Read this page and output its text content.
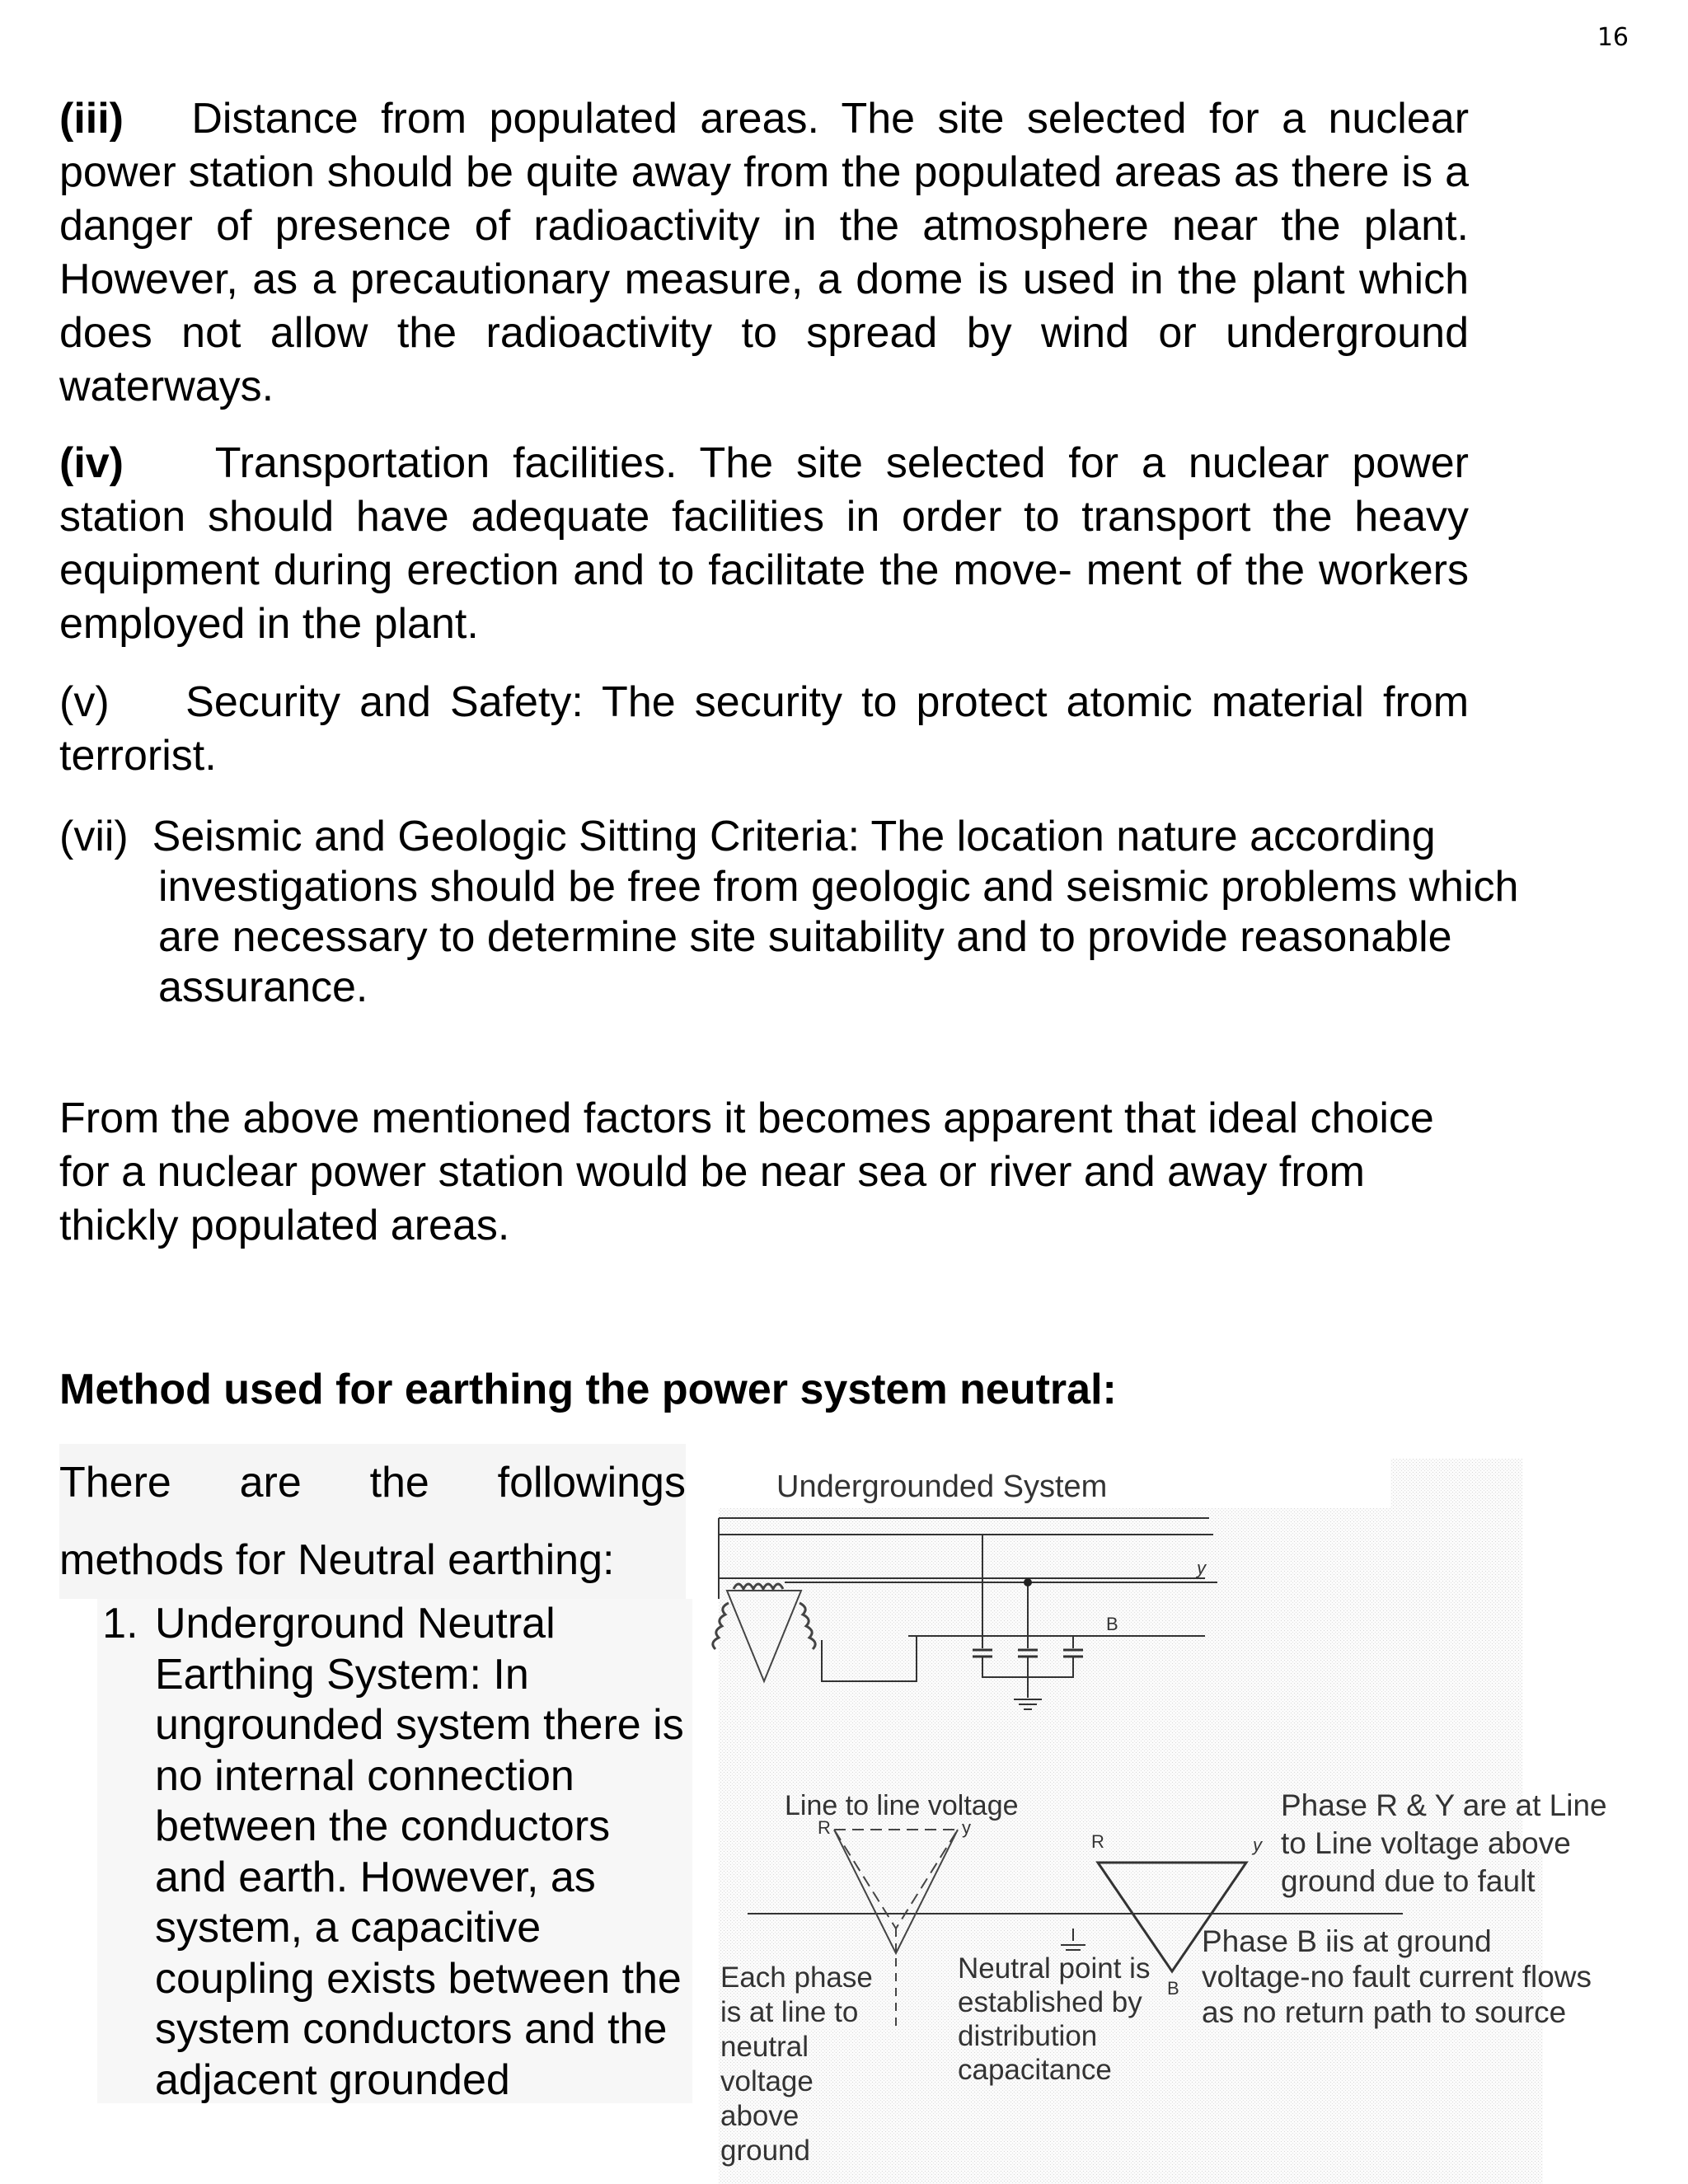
16

(iii) Distance from populated areas. The site selected for a nuclear power station should be quite away from the populated areas as there is a danger of presence of radioactivity in the atmosphere near the plant. However, as a precautionary measure, a dome is used in the plant which does not allow the radioactivity to spread by wind or underground waterways.

(iv) Transportation facilities. The site selected for a nuclear power station should have adequate facilities in order to transport the heavy equipment during erection and to facilitate the move- ment of the workers employed in the plant.

(v) Security and Safety: The security to protect atomic material from terrorist.

(vii) Seismic and Geologic Sitting Criteria: The location nature according
investigations should be free from geologic and seismic problems which are necessary to determine site suitability and to provide reasonable assurance.

From the above mentioned factors it becomes apparent that ideal choice for a nuclear power station would be near sea or river and away from thickly populated areas.

Method used for earthing the power system neutral:
There are the followings
methods for Neutral earthing:
1. Underground Neutral Earthing System: In ungrounded system there is no internal connection between the conductors and earth. However, as system, a capacitive coupling exists between the system conductors and the adjacent grounded
Undergrounded System
y
B
Line to line voltage
R	y
R	y
B
Phase R & Y are at Line to Line voltage above ground due to fault
Phase B iis at ground voltage-no fault current flows as no return path to source
Each phase is at line to neutral voltage above ground
Neutral point is established by distribution capacitance
